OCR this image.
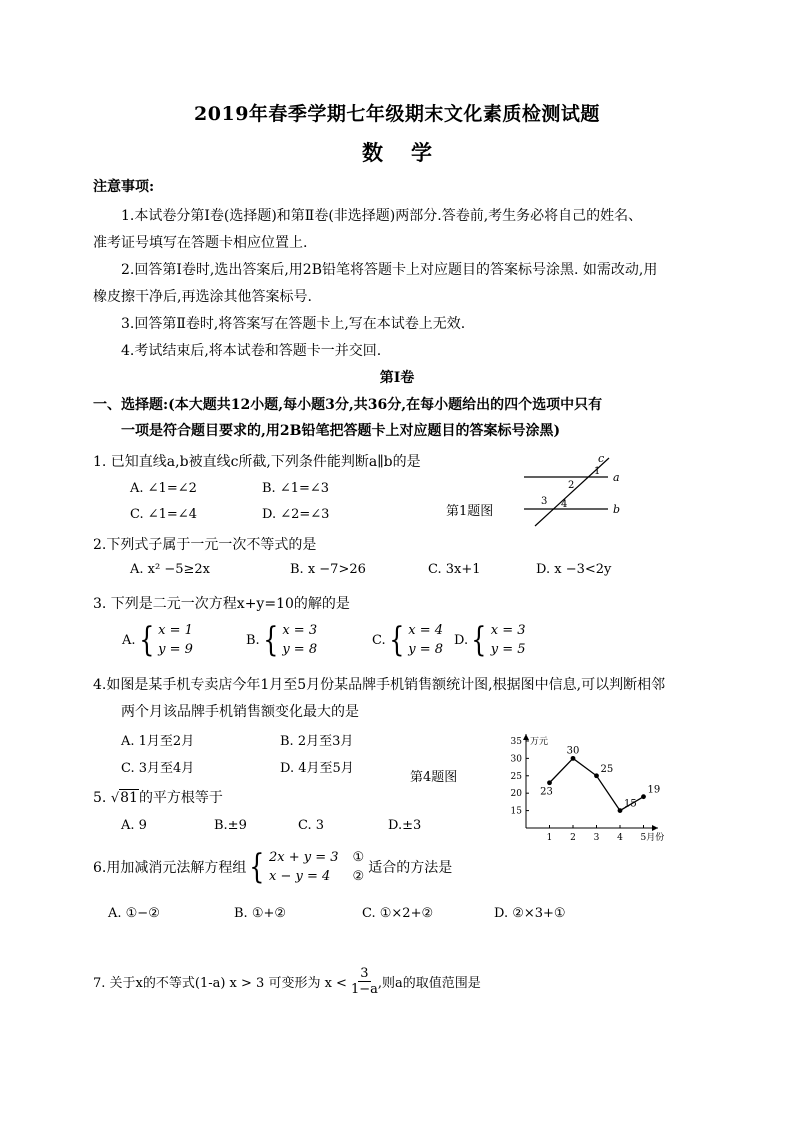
2019年春季学期七年级期末文化素质检测试题
数学
注意事项:
1.本试卷分第Ⅰ卷(选择题)和第Ⅱ卷(非选择题)两部分.答卷前,考生务必将自己的姓名、
准考证号填写在答题卡相应位置上.
2.回答第Ⅰ卷时,选出答案后,用2B铅笔将答题卡上对应题目的答案标号涂黑. 如需改动,用
橡皮擦干净后,再选涂其他答案标号.
3.回答第Ⅱ卷时,将答案写在答题卡上,写在本试卷上无效.
4.考试结束后,将本试卷和答题卡一并交回.
第Ⅰ卷
一、选择题:(本大题共12小题,每小题3分,共36分,在每小题给出的四个选项中只有
一项是符合题目要求的,用2B铅笔把答题卡上对应题目的答案标号涂黑)
1. 已知直线a,b被直线c所截,下列条件能判断a∥b的是
A. ∠1=∠2	B. ∠1=∠3
C. ∠1=∠4	D. ∠2=∠3	第1题图
a
b
c
1
2
3 4
2.下列式子属于一元一次不等式的是
A. x² −5≥2x	B. x −7>26	C. 3x+1	D. x −3<2y
3. 下列是二元一次方程x+y=10的解的是
A. { x = 1
y = 9
B. { x = 3
y = 8
C. { x = 4
y = 8
D. { x = 3
y = 5
4.如图是某手机专卖店今年1月至5月份某品牌手机销售额统计图,根据图中信息,可以判断相邻
两个月该品牌手机销售额变化最大的是
A. 1月至2月	B. 2月至3月
C. 3月至4月	D. 4月至5月
第4题图
万元
15
20
25
30
35
1 2 3 4 5月份
23
30
25
15
19
5. √81的平方根等于
A. 9	B.±9	C. 3	D.±3
6.用加减消元法解方程组 { 2x + y = 3
x − y = 4
①
②
适合的方法是
A. ①−②	B. ①+②	C. ①×2+②	D. ②×3+①
7. 关于x的不等式(1-a) x > 3 可变形为 $x < \frac{3}{1-a}$ ,则a的取值范围是
